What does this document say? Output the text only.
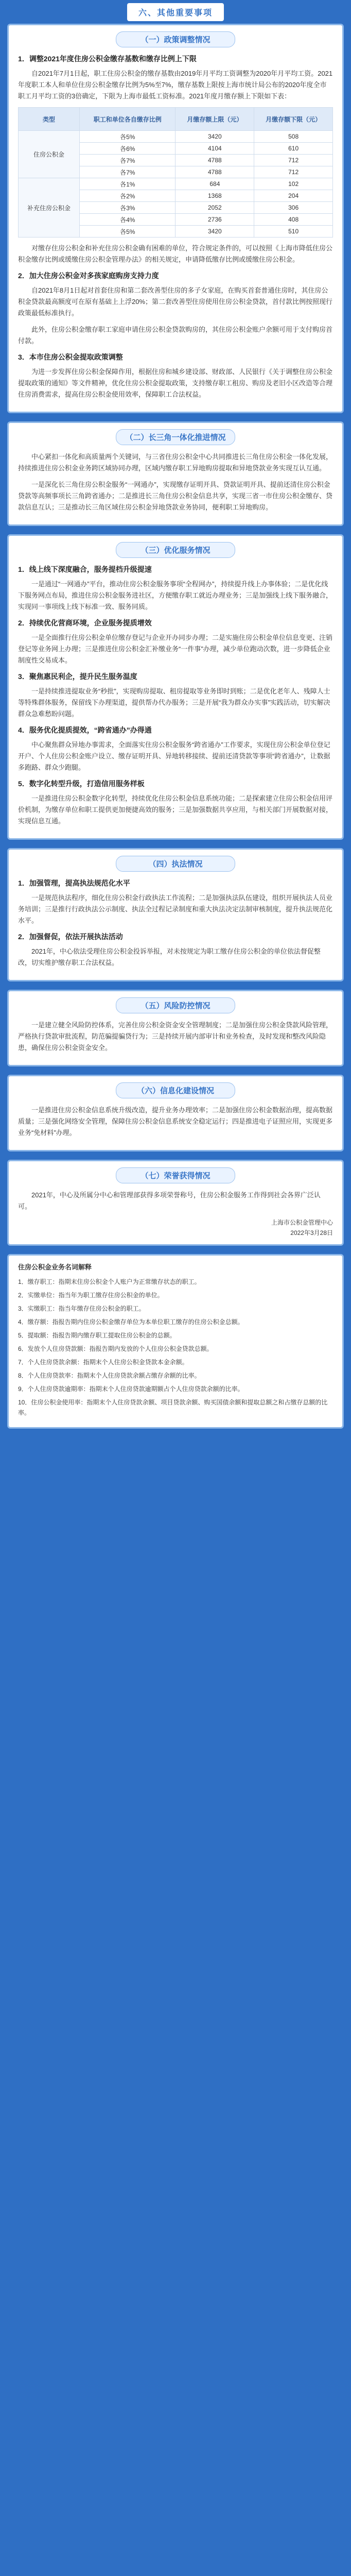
六、其他重要事项
（一）政策调整情况
1．调整2021年度住房公积金缴存基数和缴存比例上下限

自2021年7月1日起，职工住房公积金的缴存基数由2019年月平均工资调整为2020年月平均工资。2021年度职工本人和单位住房公积金缴存比例为5%至7%，缴存基数上限按上海市统计局公布的2020年度全市职工月平均工资的3倍确定，下限为上海市最低工资标准。2021年度月缴存额上下限如下表：

类型	职工和单位各自缴存比例	月缴存额上限（元）	月缴存额下限（元）
住房公积金	各5%	3420	508
	各6%	4104	610
	各7%	4788	712
	各7%	4788	712
补充住房公积金	各1%	684	102
	各2%	1368	204
	各3%	2052	306
	各4%	2736	408
	各5%	3420	510

对缴存住房公积金和补充住房公积金确有困难的单位，符合规定条件的，可以按照《上海市降低住房公积金缴存比例或缓缴住房公积金管理办法》的相关规定，申请降低缴存比例或缓缴住房公积金。

2．加大住房公积金对多孩家庭购房支持力度

自2021年8月1日起对首套住房和第二套改善型住房的多子女家庭，在购买首套普通住房时，其住房公积金贷款最高额度可在原有基础上上浮20%；第二套改善型住房使用住房公积金贷款，首付款比例按照现行政策最低标准执行。

此外，住房公积金缴存职工家庭申请住房公积金贷款购房的，其住房公积金账户余额可用于支付购房首付款。

3．本市住房公积金提取政策调整

为进一步发挥住房公积金保障作用，根据住房和城乡建设部、财政部、人民银行《关于调整住房公积金提取政策的通知》等文件精神，优化住房公积金提取政策，支持缴存职工租房、购房及老旧小区改造等合理住房消费需求，提高住房公积金使用效率，保障职工合法权益。

（二）长三角一体化推进情况

中心紧扣一体化和高质量两个关键词，与三省住房公积金中心共同推进长三角住房公积金一体化发展，持续推进住房公积金业务跨区域协同办理，区域内缴存职工异地购房提取和异地贷款业务实现互认互通。

一是深化长三角住房公积金服务“一网通办”，实现缴存证明开具、贷款证明开具、提前还清住房公积金贷款等高频事项长三角跨省通办；二是推进长三角住房公积金信息共享，实现三省一市住房公积金缴存、贷款信息互认；三是推动长三角区域住房公积金异地贷款业务协同，便利职工异地购房。

（三）优化服务情况
1．线上线下深度融合，服务提档升级提速

一是通过“一网通办”平台，推动住房公积金服务事项“全程网办”，持续提升线上办事体验；二是优化线下服务网点布局，推进住房公积金服务进社区，方便缴存职工就近办理业务；三是加强线上线下服务融合，实现同一事项线上线下标准一致、服务同质。

2．持续优化营商环境，企业服务提质增效

一是全面推行住房公积金单位缴存登记与企业开办同步办理；二是实施住房公积金单位信息变更、注销登记等业务网上办理；三是推进住房公积金汇补缴业务“一件事”办理，减少单位跑动次数，进一步降低企业制度性交易成本。

3．聚焦惠民利企，提升民生服务温度

一是持续推进提取业务“秒批”，实现购房提取、租房提取等业务即时到账；二是优化老年人、残障人士等特殊群体服务，保留线下办理渠道，提供帮办代办服务；三是开展“我为群众办实事”实践活动，切实解决群众急难愁盼问题。

4．服务优化提质提效，“跨省通办”办得通

中心聚焦群众异地办事需求，全面落实住房公积金服务“跨省通办”工作要求，实现住房公积金单位登记开户、个人住房公积金账户设立、缴存证明开具、异地转移接续、提前还清贷款等事项“跨省通办”，让数据多跑路、群众少跑腿。

5．数字化转型升级，打造信用服务样板

一是推进住房公积金数字化转型，持续优化住房公积金信息系统功能；二是探索建立住房公积金信用评价机制，为缴存单位和职工提供更加便捷高效的服务；三是加强数据共享应用，与相关部门开展数据对接，实现信息互通。

（四）执法情况
1．加强管理，提高执法规范化水平

一是规范执法程序，细化住房公积金行政执法工作流程；二是加强执法队伍建设，组织开展执法人员业务培训；三是推行行政执法公示制度、执法全过程记录制度和重大执法决定法制审核制度，提升执法规范化水平。

2．加强督促，依法开展执法活动

2021年，中心依法受理住房公积金投诉举报，对未按规定为职工缴存住房公积金的单位依法督促整改，切实维护缴存职工合法权益。

（五）风险防控情况

一是建立健全风险防控体系，完善住房公积金资金安全管理制度；二是加强住房公积金贷款风险管理，严格执行贷款审批流程，防范骗提骗贷行为；三是持续开展内部审计和业务检查，及时发现和整改风险隐患，确保住房公积金资金安全。

（六）信息化建设情况

一是推进住房公积金信息系统升级改造，提升业务办理效率；二是加强住房公积金数据治理，提高数据质量；三是强化网络安全管理，保障住房公积金信息系统安全稳定运行；四是推进电子证照应用，实现更多业务“免材料”办理。

（七）荣誉获得情况

2021年，中心及所属分中心和管理部获得多项荣誉称号，住房公积金服务工作得到社会各界广泛认可。

上海市公积金管理中心
2022年3月28日
住房公积金业务名词解释
1．缴存职工：指期末住房公积金个人账户为正常缴存状态的职工。
2．实缴单位：指当年为职工缴存住房公积金的单位。
3．实缴职工：指当年缴存住房公积金的职工。
4．缴存额：指报告期内住房公积金缴存单位为本单位职工缴存的住房公积金总额。
5．提取额：指报告期内缴存职工提取住房公积金的总额。
6．发放个人住房贷款额：指报告期内发放的个人住房公积金贷款总额。
7．个人住房贷款余额：指期末个人住房公积金贷款本金余额。
8．个人住房贷款率：指期末个人住房贷款余额占缴存余额的比率。
9．个人住房贷款逾期率：指期末个人住房贷款逾期额占个人住房贷款余额的比率。
10．住房公积金使用率：指期末个人住房贷款余额、项目贷款余额、购买国债余额和提取总额之和占缴存总额的比率。
